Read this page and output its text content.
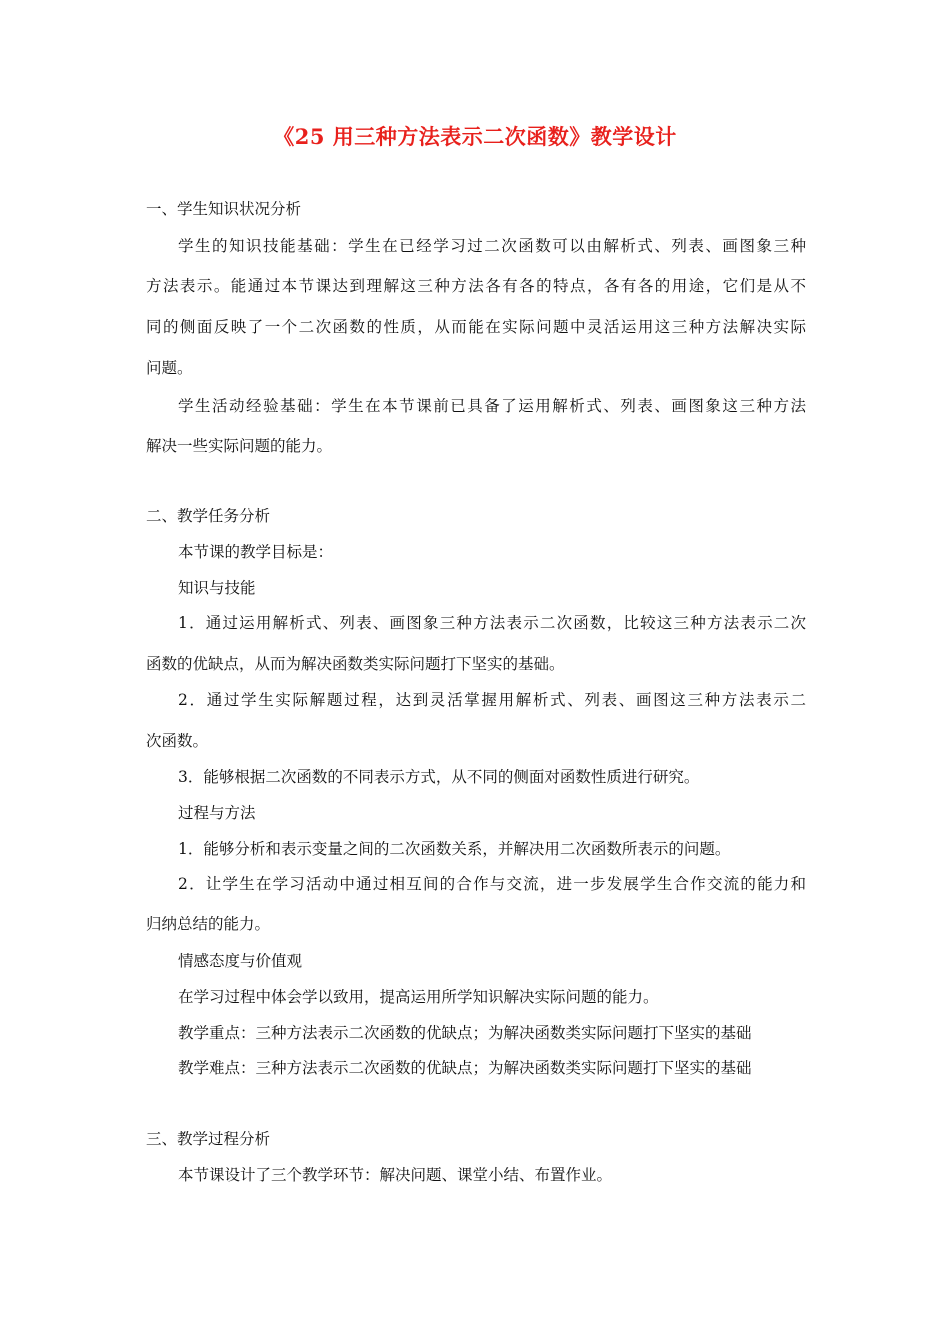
《25 用三种方法表示二次函数》教学设计
一、学生知识状况分析
学生的知识技能基础：学生在已经学习过二次函数可以由解析式、列表、画图象三种
方法表示。能通过本节课达到理解这三种方法各有各的特点，各有各的用途，它们是从不
同的侧面反映了一个二次函数的性质，从而能在实际问题中灵活运用这三种方法解决实际
问题。
学生活动经验基础：学生在本节课前已具备了运用解析式、列表、画图象这三种方法
解决一些实际问题的能力。
二、教学任务分析
本节课的教学目标是：
知识与技能
1．通过运用解析式、列表、画图象三种方法表示二次函数，比较这三种方法表示二次
函数的优缺点，从而为解决函数类实际问题打下坚实的基础。
2．通过学生实际解题过程，达到灵活掌握用解析式、列表、画图这三种方法表示二
次函数。
3．能够根据二次函数的不同表示方式，从不同的侧面对函数性质进行研究。
过程与方法
1．能够分析和表示变量之间的二次函数关系，并解决用二次函数所表示的问题。
2．让学生在学习活动中通过相互间的合作与交流，进一步发展学生合作交流的能力和
归纳总结的能力。
情感态度与价值观
在学习过程中体会学以致用，提高运用所学知识解决实际问题的能力。
教学重点：三种方法表示二次函数的优缺点；为解决函数类实际问题打下坚实的基础
教学难点：三种方法表示二次函数的优缺点；为解决函数类实际问题打下坚实的基础
三、教学过程分析
本节课设计了三个教学环节：解决问题、课堂小结、布置作业。
